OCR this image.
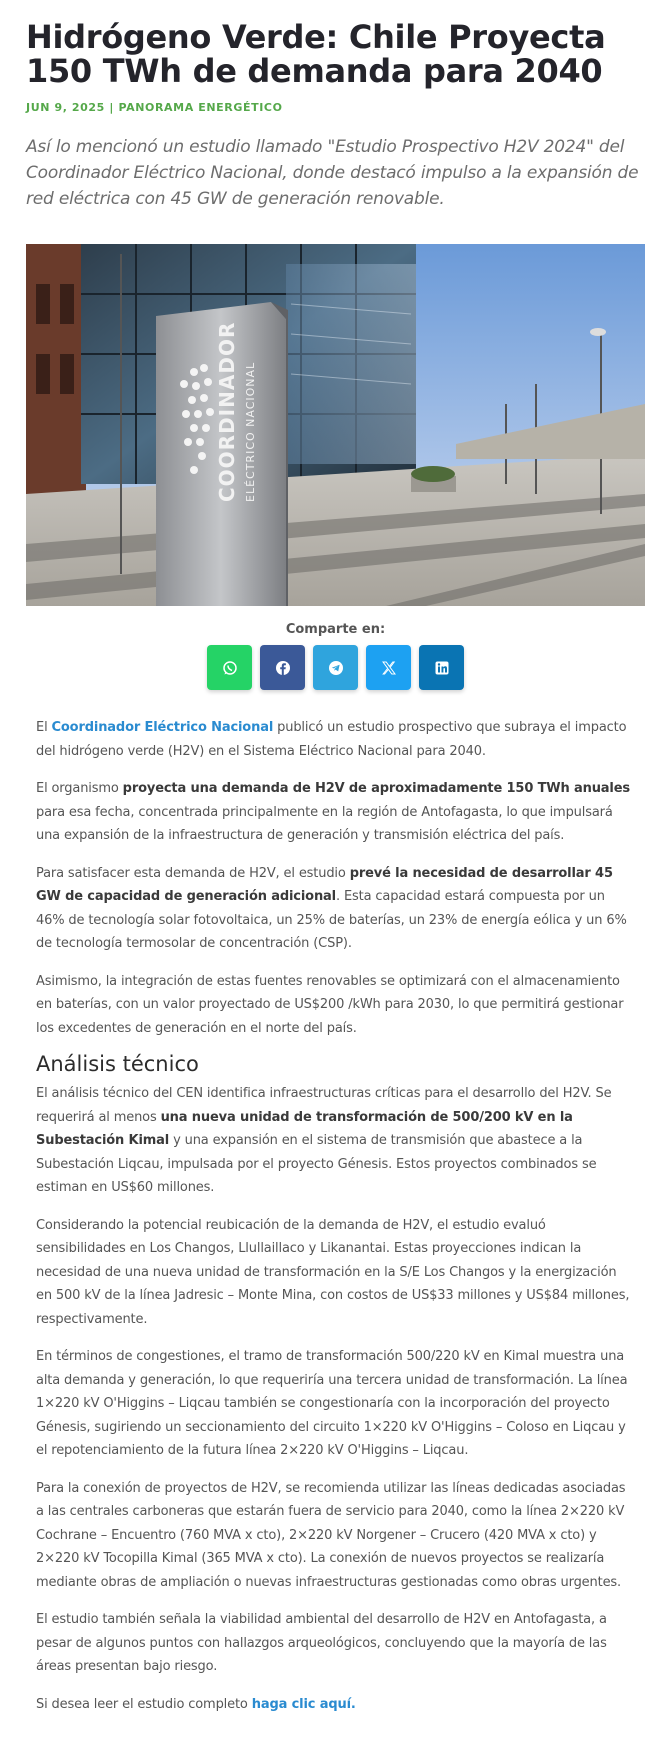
Hidrógeno Verde: Chile Proyecta 150 TWh de demanda para 2040
JUN 9, 2025 | PANORAMA ENERGÉTICO

Así lo mencionó un estudio llamado "Estudio Prospectivo H2V 2024" del Coordinador Eléctrico Nacional, donde destacó impulso a la expansión de red eléctrica con 45 GW de generación renovable.

COORDINADOR ELÉCTRICO NACIONAL
Comparte en:

El Coordinador Eléctrico Nacional publicó un estudio prospectivo que subraya el impacto del hidrógeno verde (H2V) en el Sistema Eléctrico Nacional para 2040.

El organismo proyecta una demanda de H2V de aproximadamente 150 TWh anuales para esa fecha, concentrada principalmente en la región de Antofagasta, lo que impulsará una expansión de la infraestructura de generación y transmisión eléctrica del país.

Para satisfacer esta demanda de H2V, el estudio prevé la necesidad de desarrollar 45 GW de capacidad de generación adicional. Esta capacidad estará compuesta por un 46% de tecnología solar fotovoltaica, un 25% de baterías, un 23% de energía eólica y un 6% de tecnología termosolar de concentración (CSP).

Asimismo, la integración de estas fuentes renovables se optimizará con el almacenamiento en baterías, con un valor proyectado de US$200 /kWh para 2030, lo que permitirá gestionar los excedentes de generación en el norte del país.

Análisis técnico

El análisis técnico del CEN identifica infraestructuras críticas para el desarrollo del H2V. Se requerirá al menos una nueva unidad de transformación de 500/200 kV en la Subestación Kimal y una expansión en el sistema de transmisión que abastece a la Subestación Liqcau, impulsada por el proyecto Génesis. Estos proyectos combinados se estiman en US$60 millones.

Considerando la potencial reubicación de la demanda de H2V, el estudio evaluó sensibilidades en Los Changos, Llullaillaco y Likanantai. Estas proyecciones indican la necesidad de una nueva unidad de transformación en la S/E Los Changos y la energización en 500 kV de la línea Jadresic – Monte Mina, con costos de US$33 millones y US$84 millones, respectivamente.

En términos de congestiones, el tramo de transformación 500/220 kV en Kimal muestra una alta demanda y generación, lo que requeriría una tercera unidad de transformación. La línea 1×220 kV O'Higgins – Liqcau también se congestionaría con la incorporación del proyecto Génesis, sugiriendo un seccionamiento del circuito 1×220 kV O'Higgins – Coloso en Liqcau y el repotenciamiento de la futura línea 2×220 kV O'Higgins – Liqcau.

Para la conexión de proyectos de H2V, se recomienda utilizar las líneas dedicadas asociadas a las centrales carboneras que estarán fuera de servicio para 2040, como la línea 2×220 kV Cochrane – Encuentro (760 MVA x cto), 2×220 kV Norgener – Crucero (420 MVA x cto) y 2×220 kV Tocopilla Kimal (365 MVA x cto). La conexión de nuevos proyectos se realizaría mediante obras de ampliación o nuevas infraestructuras gestionadas como obras urgentes.

El estudio también señala la viabilidad ambiental del desarrollo de H2V en Antofagasta, a pesar de algunos puntos con hallazgos arqueológicos, concluyendo que la mayoría de las áreas presentan bajo riesgo.

Si desea leer el estudio completo haga clic aquí.
